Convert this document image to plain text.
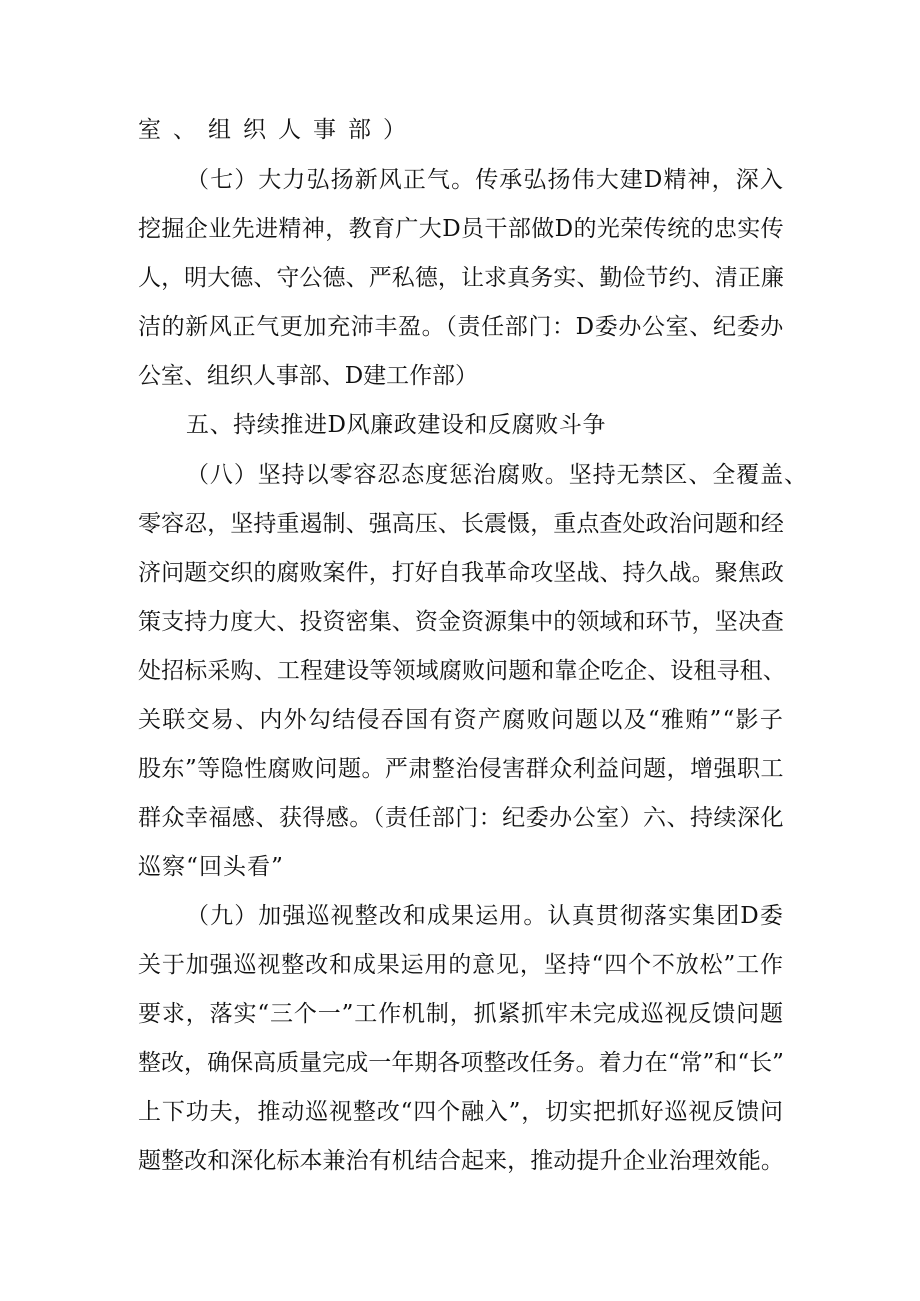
室、组织人事部）
（七）大力弘扬新风正气。传承弘扬伟大建D精神，深入
挖掘企业先进精神，教育广大D员干部做D的光荣传统的忠实传
人，明大德、守公德、严私德，让求真务实、勤俭节约、清正廉
洁的新风正气更加充沛丰盈。（责任部门：D委办公室、纪委办
公室、组织人事部、D建工作部）
五、持续推进D风廉政建设和反腐败斗争
（八）坚持以零容忍态度惩治腐败。坚持无禁区、全覆盖、
零容忍，坚持重遏制、强高压、长震慑，重点查处政治问题和经
济问题交织的腐败案件，打好自我革命攻坚战、持久战。聚焦政
策支持力度大、投资密集、资金资源集中的领域和环节，坚决查
处招标采购、工程建设等领域腐败问题和靠企吃企、设租寻租、
关联交易、内外勾结侵吞国有资产腐败问题以及“雅贿”“影子
股东”等隐性腐败问题。严肃整治侵害群众利益问题，增强职工
群众幸福感、获得感。（责任部门：纪委办公室）六、持续深化
巡察“回头看”
（九）加强巡视整改和成果运用。认真贯彻落实集团D委
关于加强巡视整改和成果运用的意见，坚持“四个不放松”工作
要求，落实“三个一”工作机制，抓紧抓牢未完成巡视反馈问题
整改，确保高质量完成一年期各项整改任务。着力在“常”和“长”
上下功夫，推动巡视整改“四个融入”，切实把抓好巡视反馈问
题整改和深化标本兼治有机结合起来，推动提升企业治理效能。
